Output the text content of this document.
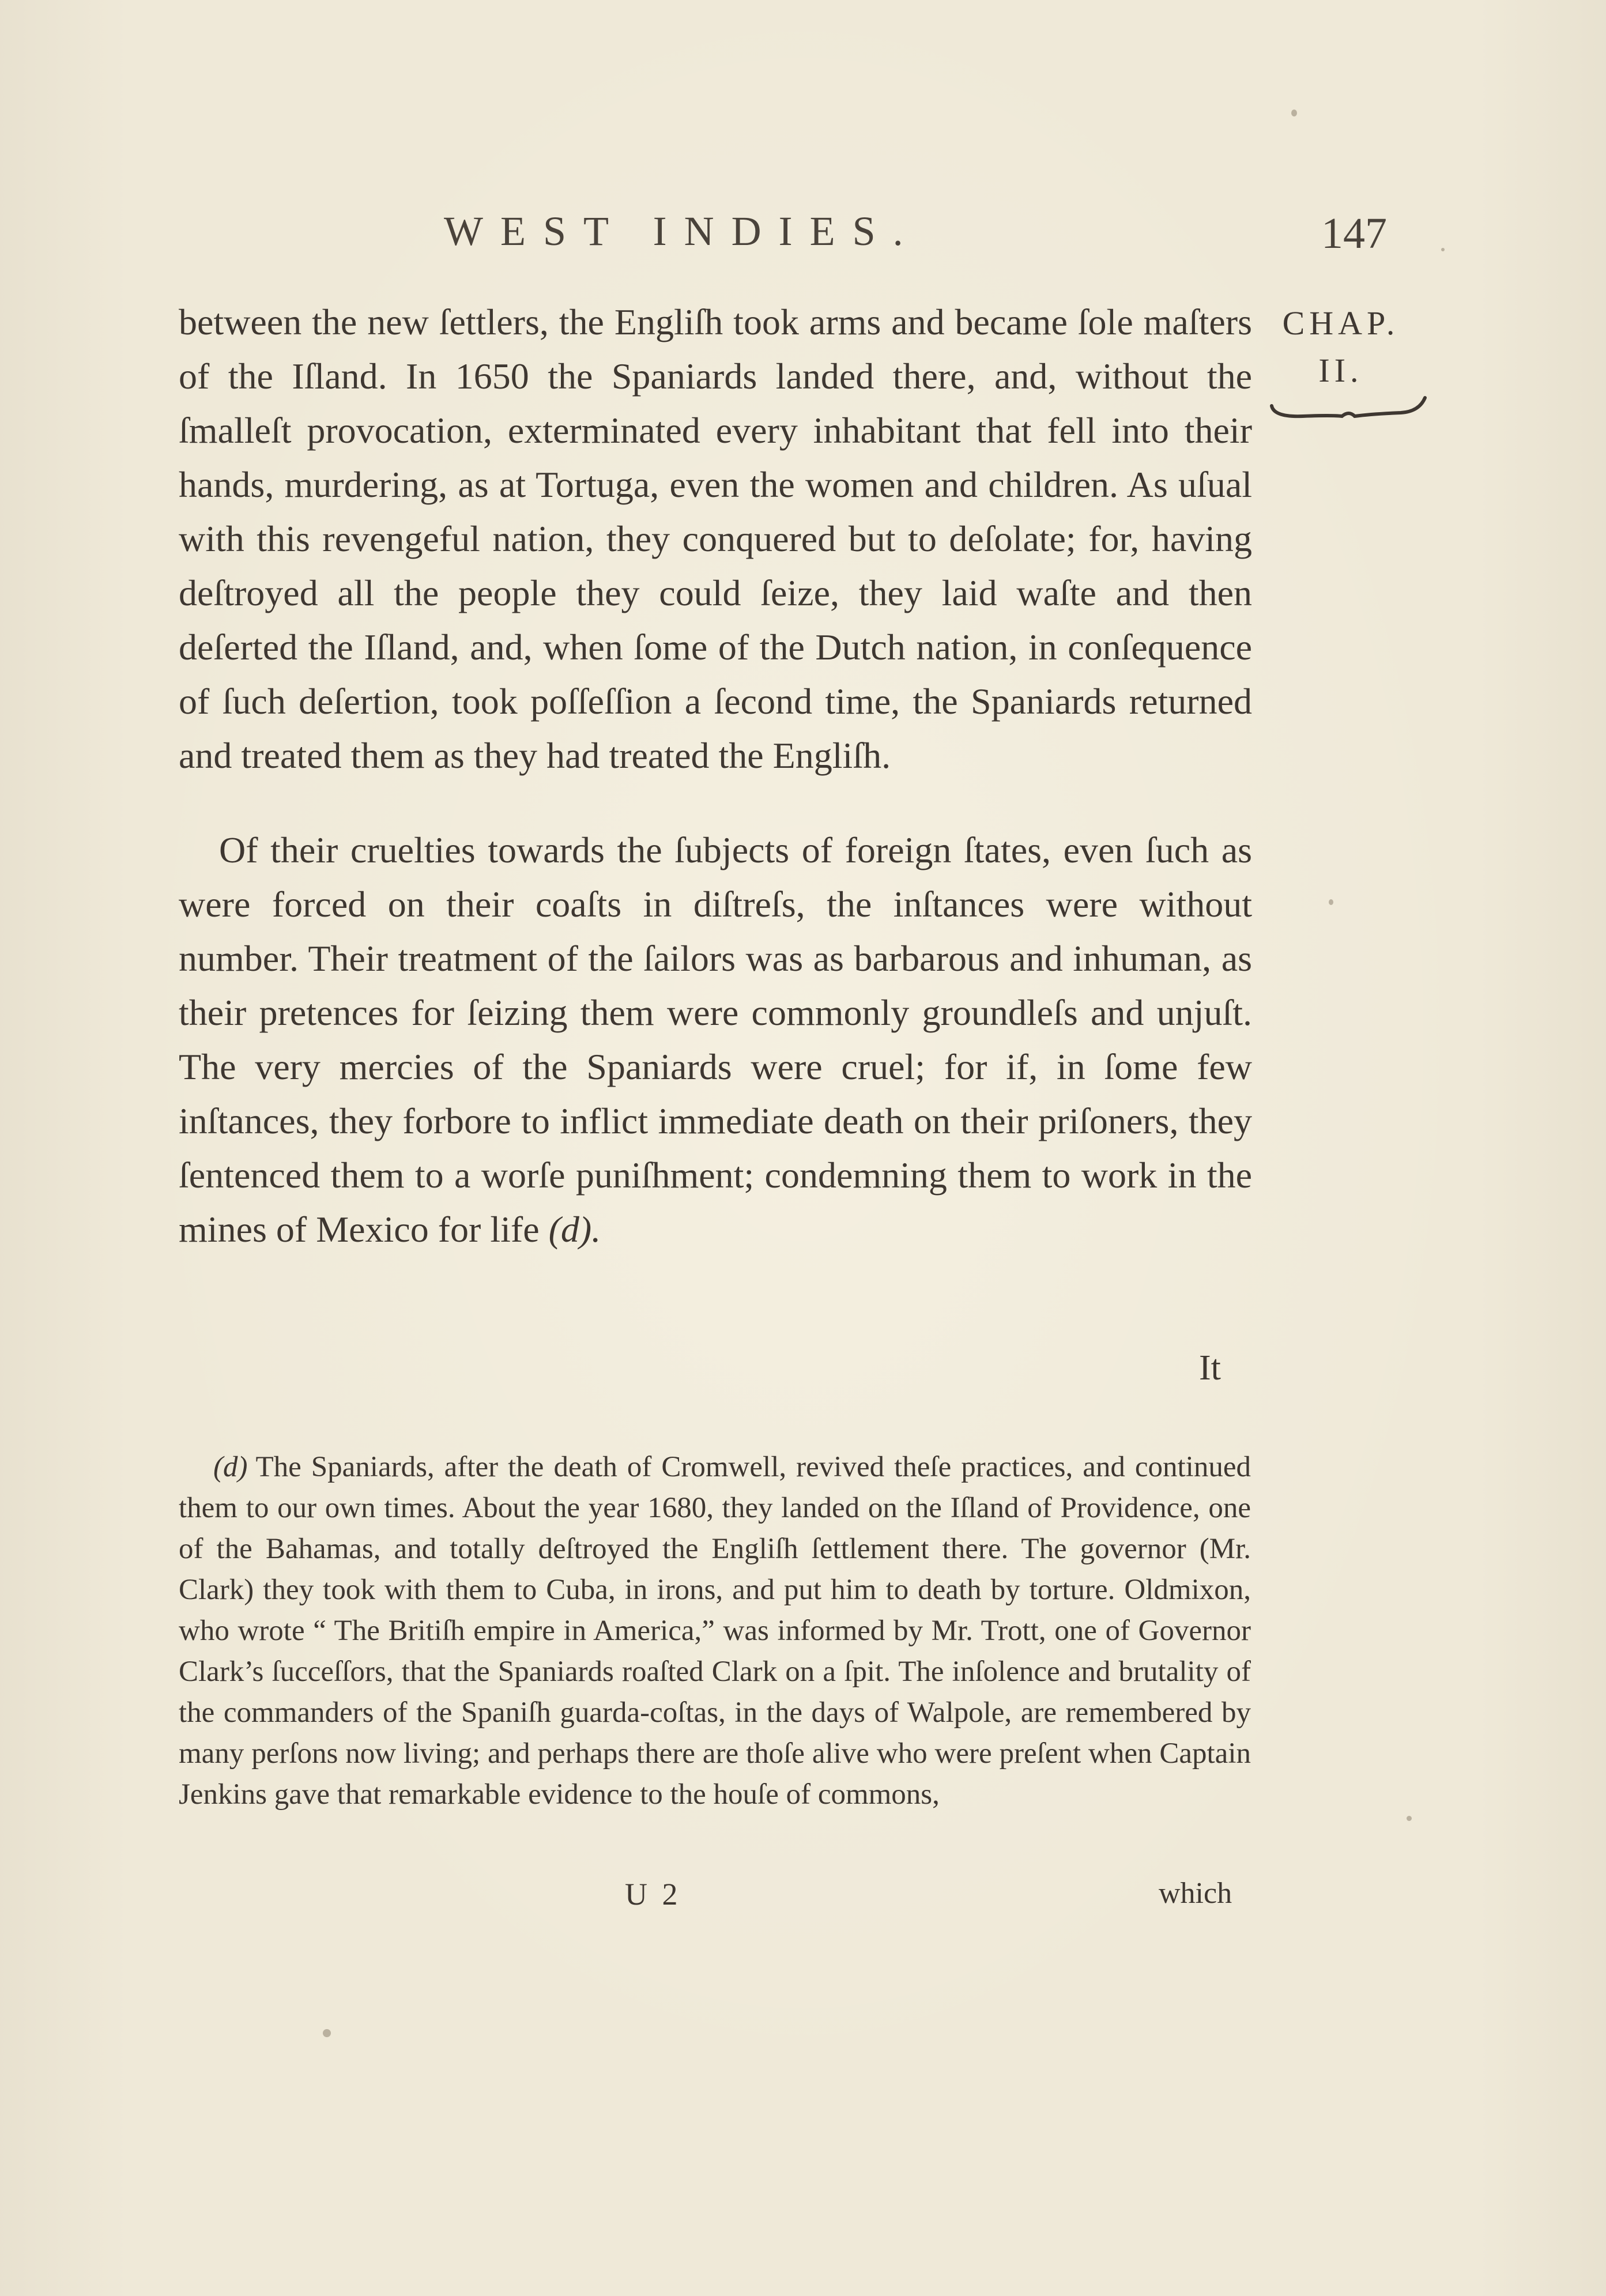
WEST INDIES.	147
CHAP.
II.

between the new ſettlers, the Engliſh took arms and became ſole maſters of the Iſland. In 1650 the Spaniards landed there, and, without the ſmalleſt provocation, exterminated every inhabitant that fell into their hands, murdering, as at Tortuga, even the women and children. As uſual with this revengeful nation, they conquered but to deſolate; for, having deſtroyed all the people they could ſeize, they laid waſte and then deſerted the Iſland, and, when ſome of the Dutch nation, in conſequence of ſuch deſertion, took poſſeſſion a ſecond time, the Spaniards returned and treated them as they had treated the Engliſh.

Of their cruelties towards the ſubjects of foreign ſtates, even ſuch as were forced on their coaſts in diſtreſs, the inſtances were without number. Their treatment of the ſailors was as barbarous and inhuman, as their pretences for ſeizing them were commonly groundleſs and unjuſt. The very mercies of the Spaniards were cruel; for if, in ſome few inſtances, they forbore to inflict immediate death on their priſoners, they ſentenced them to a worſe puniſhment; condemning them to work in the mines of Mexico for life (d).

It
(d) The Spaniards, after the death of Cromwell, revived theſe practices, and continued them to our own times. About the year 1680, they landed on the Iſland of Providence, one of the Bahamas, and totally deſtroyed the Engliſh ſettlement there. The governor (Mr. Clark) they took with them to Cuba, in irons, and put him to death by torture. Oldmixon, who wrote “ The Britiſh empire in America,” was informed by Mr. Trott, one of Governor Clark’s ſucceſſors, that the Spaniards roaſted Clark on a ſpit. The inſolence and brutality of the commanders of the Spaniſh guarda-coſtas, in the days of Walpole, are remembered by many perſons now living; and perhaps there are thoſe alive who were preſent when Captain Jenkins gave that remarkable evidence to the houſe of commons,
U 2	which
